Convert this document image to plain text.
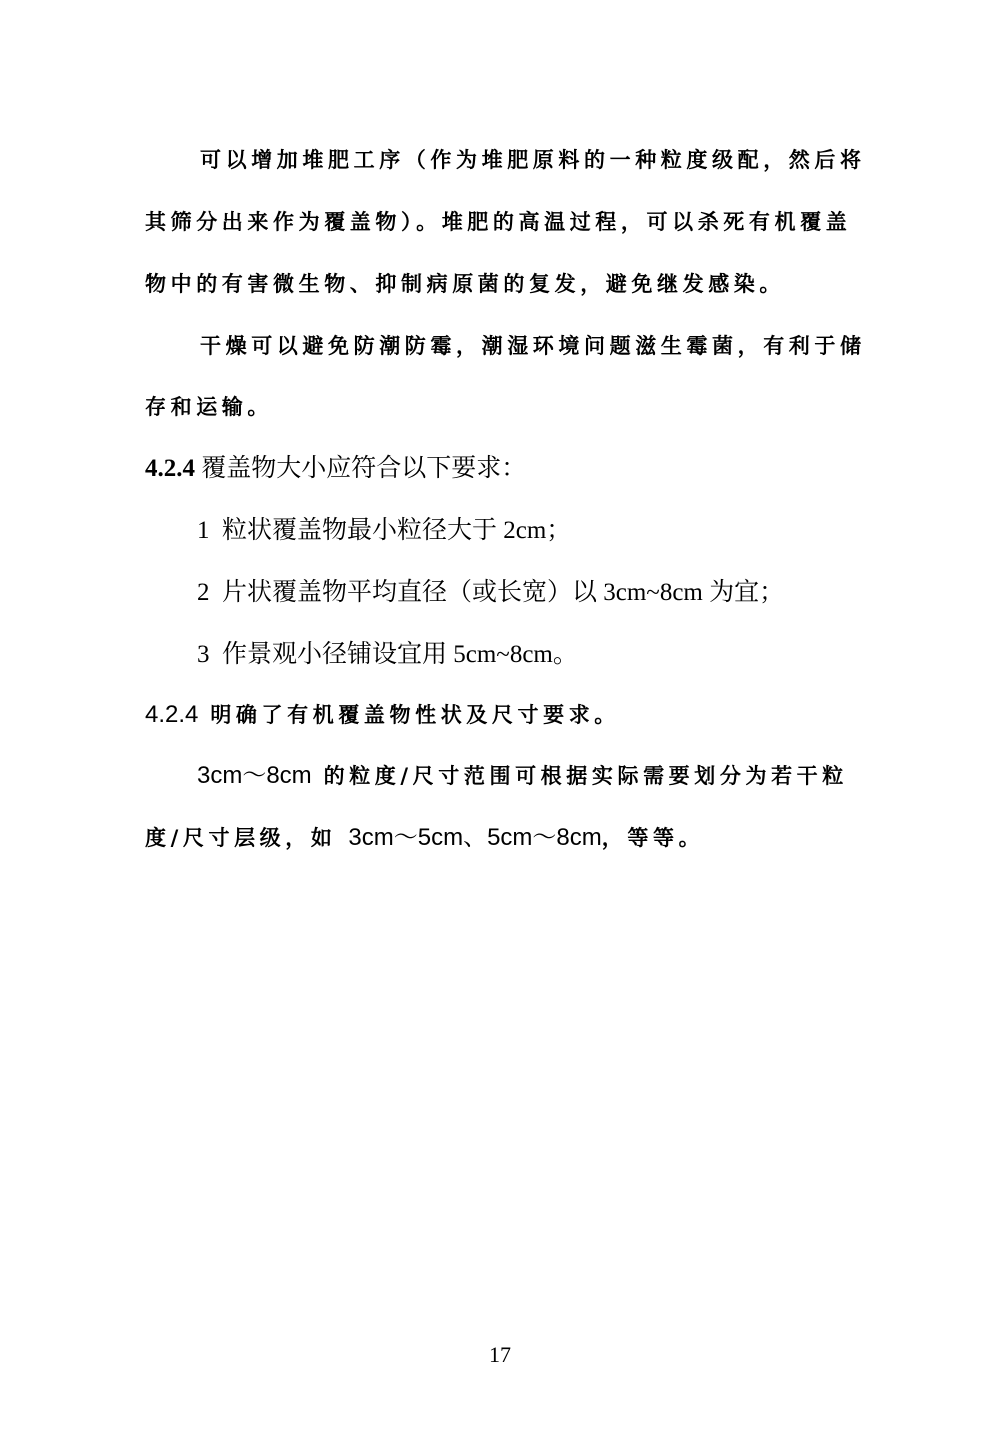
可以增加堆肥工序（作为堆肥原料的一种粒度级配，然后将
其筛分出来作为覆盖物）。堆肥的高温过程，可以杀死有机覆盖
物中的有害微生物、抑制病原菌的复发，避免继发感染。
干燥可以避免防潮防霉，潮湿环境问题滋生霉菌，有利于储
存和运输。
4.2.4 覆盖物大小应符合以下要求：
1 粒状覆盖物最小粒径大于 2cm；
2 片状覆盖物平均直径（或长宽）以 3cm~8cm 为宜；
3 作景观小径铺设宜用 5cm~8cm。
4.2.4 明确了有机覆盖物性状及尺寸要求。
3cm～8cm 的粒度/尺寸范围可根据实际需要划分为若干粒
度/尺寸层级，如 3cm～5cm、5cm～8cm，等等。
17
